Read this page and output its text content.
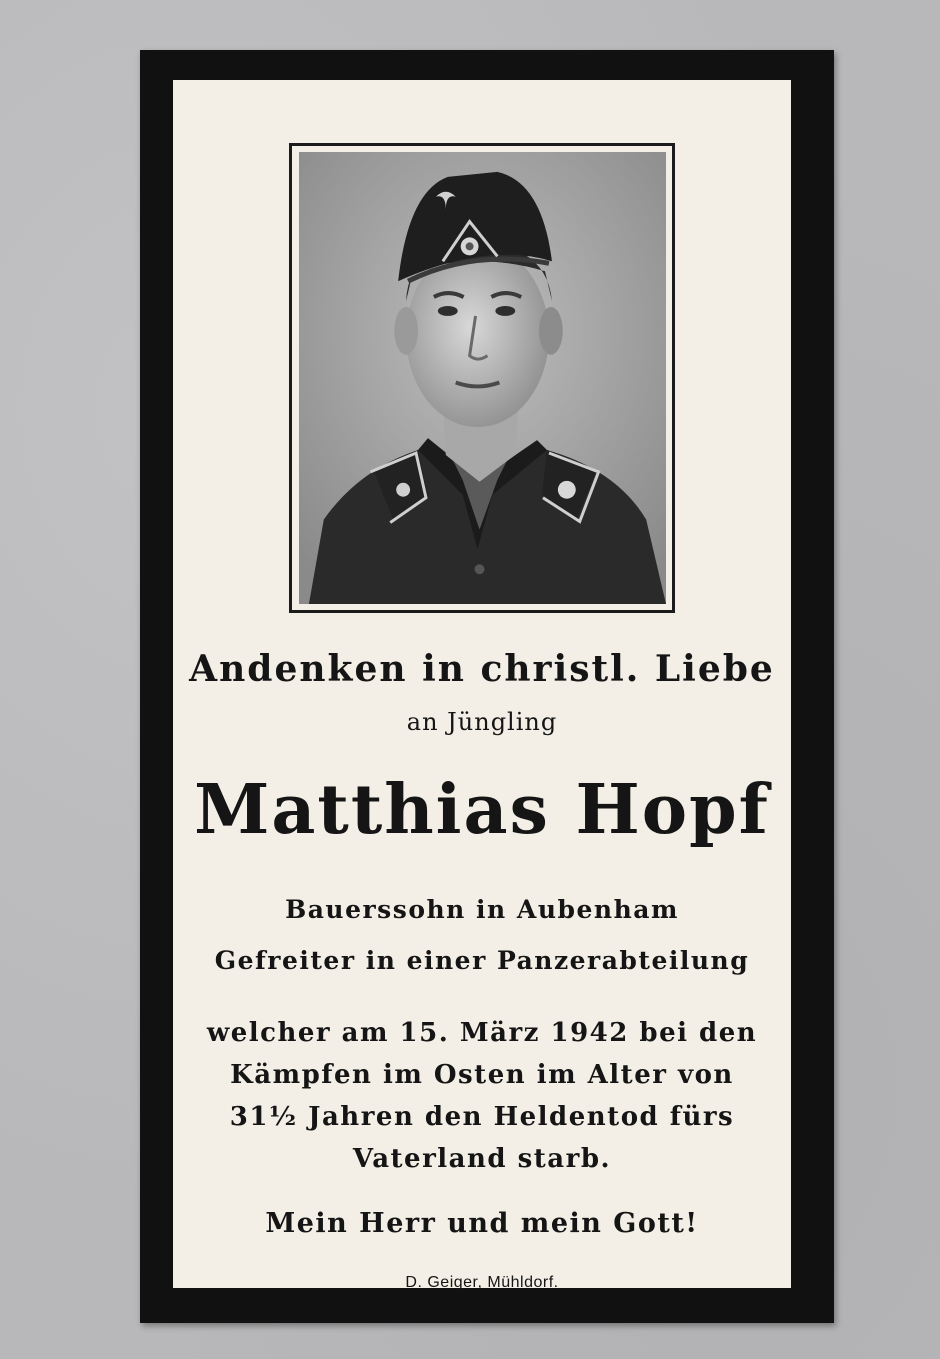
Andenken in christl. Liebe
an Jüngling
Matthias Hopf
Bauerssohn in Aubenham
Gefreiter in einer Panzerabteilung
welcher am 15. März 1942 bei den
Kämpfen im Osten im Alter von
31½ Jahren den Heldentod fürs
Vaterland starb.
Mein Herr und mein Gott!
D. Geiger, Mühldorf.
